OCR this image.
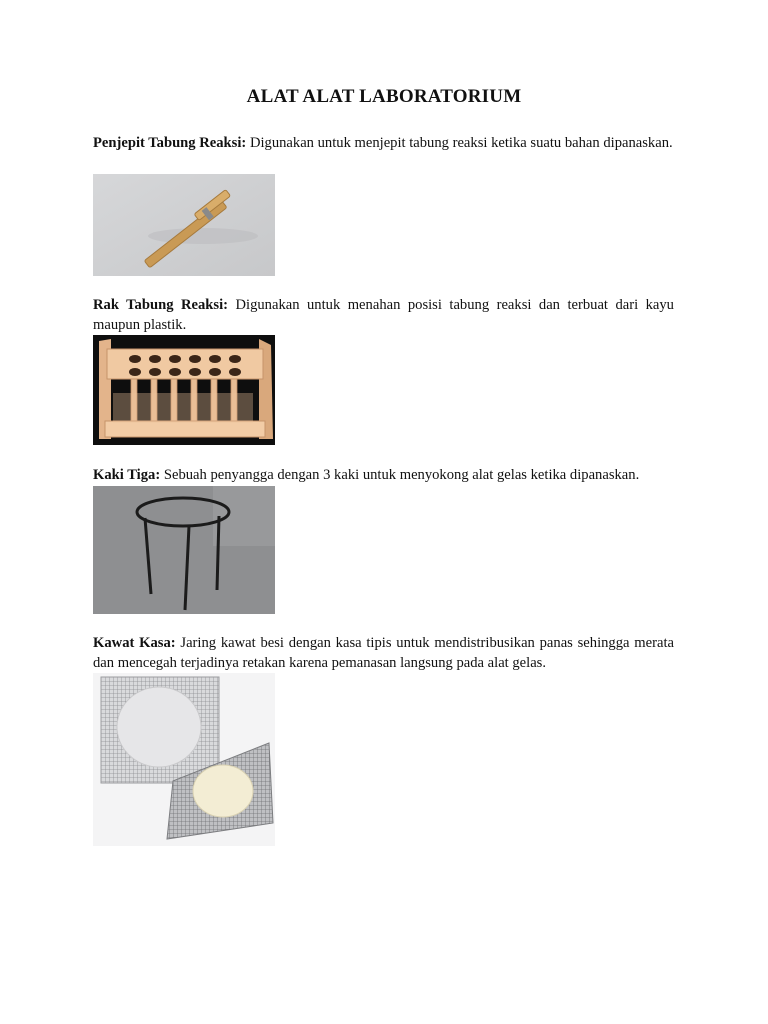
ALAT ALAT LABORATORIUM

Penjepit Tabung Reaksi: Digunakan untuk menjepit tabung reaksi ketika suatu bahan dipanaskan.

Rak Tabung Reaksi: Digunakan untuk menahan posisi tabung reaksi dan terbuat dari kayu maupun plastik.

Kaki Tiga: Sebuah penyangga dengan 3 kaki untuk menyokong alat gelas ketika dipanaskan.

Kawat Kasa: Jaring kawat besi dengan kasa tipis untuk mendistribusikan panas sehingga merata dan mencegah terjadinya retakan karena pemanasan langsung pada alat gelas.
